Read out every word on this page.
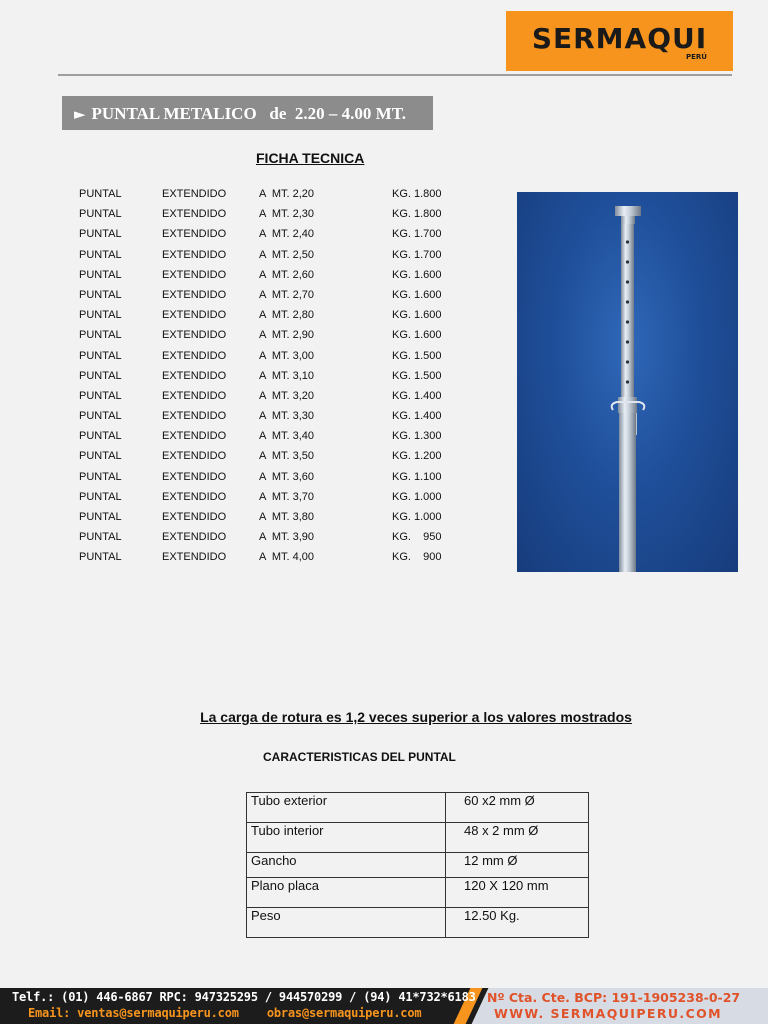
SERMAQUI
PERÚ
► PUNTAL METALICO   de  2.20 – 4.00 MT.
FICHA TECNICA
PUNTAL	EXTENDIDO	A  MT. 2,20	KG. 1.800
PUNTAL	EXTENDIDO	A  MT. 2,30	KG. 1.800
PUNTAL	EXTENDIDO	A  MT. 2,40	KG. 1.700
PUNTAL	EXTENDIDO	A  MT. 2,50	KG. 1.700
PUNTAL	EXTENDIDO	A  MT. 2,60	KG. 1.600
PUNTAL	EXTENDIDO	A  MT. 2,70	KG. 1.600
PUNTAL	EXTENDIDO	A  MT. 2,80	KG. 1.600
PUNTAL	EXTENDIDO	A  MT. 2,90	KG. 1.600
PUNTAL	EXTENDIDO	A  MT. 3,00	KG. 1.500
PUNTAL	EXTENDIDO	A  MT. 3,10	KG. 1.500
PUNTAL	EXTENDIDO	A  MT. 3,20	KG. 1.400
PUNTAL	EXTENDIDO	A  MT. 3,30	KG. 1.400
PUNTAL	EXTENDIDO	A  MT. 3,40	KG. 1.300
PUNTAL	EXTENDIDO	A  MT. 3,50	KG. 1.200
PUNTAL	EXTENDIDO	A  MT. 3,60	KG. 1.100
PUNTAL	EXTENDIDO	A  MT. 3,70	KG. 1.000
PUNTAL	EXTENDIDO	A  MT. 3,80	KG. 1.000
PUNTAL	EXTENDIDO	A  MT. 3,90	KG.    950
PUNTAL	EXTENDIDO	A  MT. 4,00	KG.    900
La carga de rotura es 1,2 veces superior a los valores mostrados
CARACTERISTICAS DEL PUNTAL
Tubo exterior	60 x2 mm Ø
Tubo interior	48 x 2 mm Ø
Gancho	12 mm Ø
Plano placa	120 X 120 mm
Peso	12.50 Kg.
Telf.: (01) 446-6867 RPC: 947325295 / 944570299 / (94) 41*732*6183
Email: ventas@sermaquiperu.com    obras@sermaquiperu.com
Nº Cta. Cte. BCP: 191-1905238-0-27
WWW. SERMAQUIPERU.COM
